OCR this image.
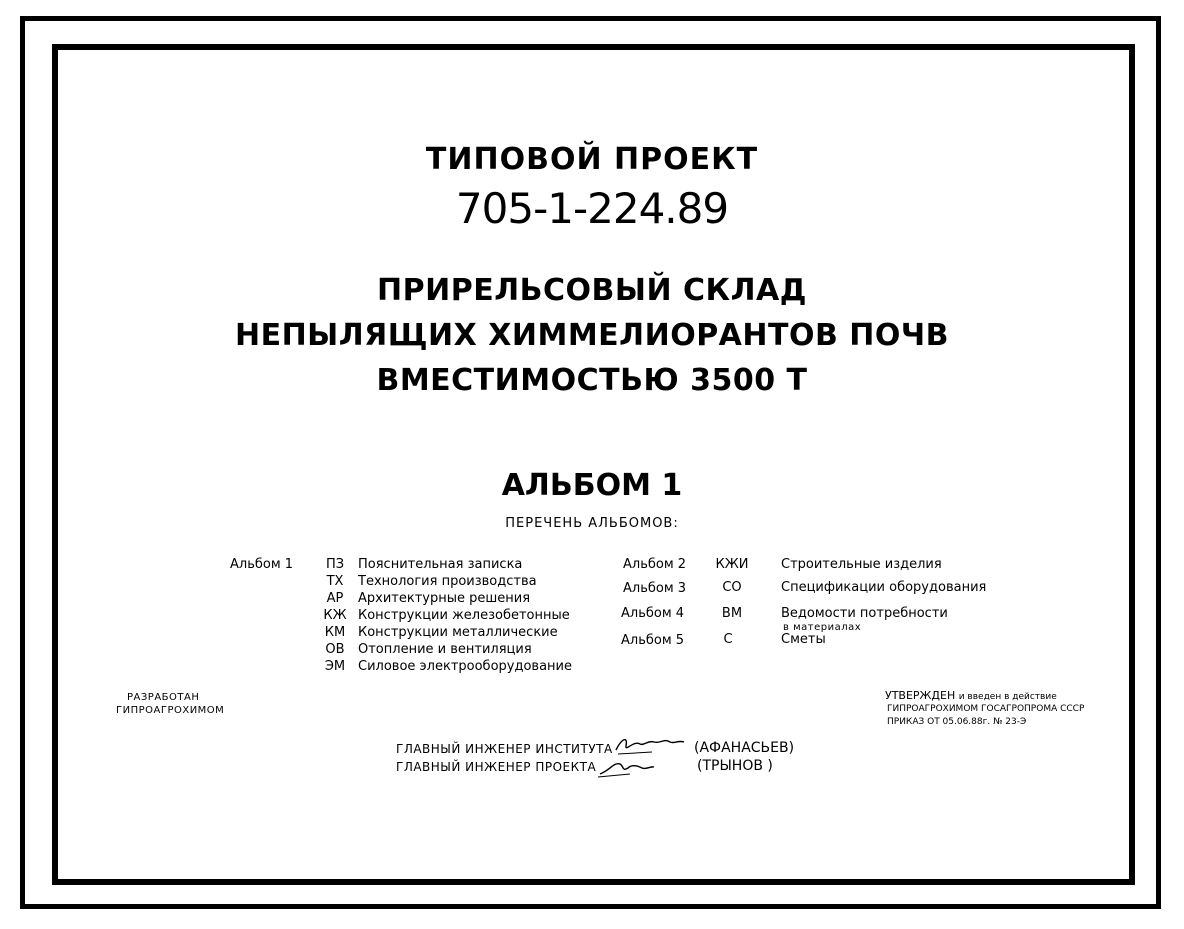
ТИПОВОЙ ПРОЕКТ
705-1-224.89
ПРИРЕЛЬСОВЫЙ СКЛАД
НЕПЫЛЯЩИХ ХИММЕЛИОРАНТОВ ПОЧВ
ВМЕСТИМОСТЬЮ 3500 Т
АЛЬБОМ 1
ПЕРЕЧЕНЬ АЛЬБОМОВ:
Альбом 1	ПЗ	Пояснительная записка
ТХ	Технология производства
АР	Архитектурные решения
КЖ Конструкции железобетонные
КМ Конструкции металлические
ОВ	Отопление и вентиляция
ЭМ Силовое электрооборудование
Альбом 2 КЖИ	Строительные изделия
Альбом 3	СО	Спецификации оборудования
Альбом 4	ВМ	Ведомости потребности
в материалах
Альбом 5	С	Сметы
РАЗРАБОТАН
ГИПРОАГРОХИМОМ
УТВЕРЖДЕН и введен в действие
ГИПРОАГРОХИМОМ ГОСАГРОПРОМА СССР
ПРИКАЗ ОТ 05.06.88г. № 23-Э
ГЛАВНЫЙ ИНЖЕНЕР ИНСТИТУТА	(АФАНАСЬЕВ)
ГЛАВНЫЙ ИНЖЕНЕР ПРОЕКТА	(ТРЫНОВ )
